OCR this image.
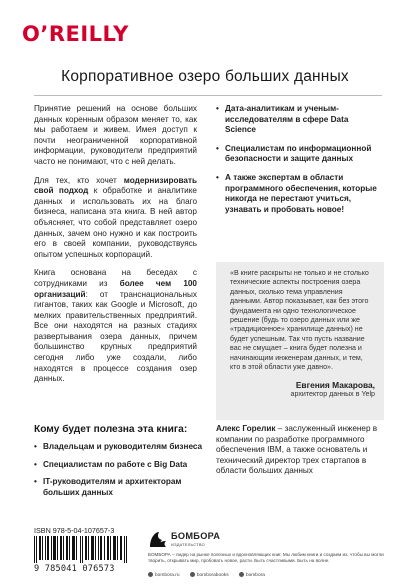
O’REILLY
Корпоративное озеро больших данных

Принятие решений на основе больших данных коренным образом меняет то, как мы работаем и живем. Имея доступ к почти неограниченной корпоративной информации, руководители предприятий часто не понимают, что с ней делать.

Для тех, кто хочет модернизировать свой подход к обработке и аналитике данных и использовать их на благо бизнеса, написана эта книга. В ней автор объясняет, что собой представляет озеро данных, зачем оно нужно и как построить его в своей компании, руководствуясь опытом успешных корпораций.

Книга основана на беседах с сотрудниками из более чем 100 организаций: от транснациональных гигантов, таких как Google и Microsoft, до мелких правительственных предприятий. Все они находятся на разных стадиях развертывания озера данных, причем большинство крупных предприятий сегодня либо уже создали, либо находятся в процессе создания озер данных.

• Дата-аналитикам и ученым-исследователям в сфере Data Science
• Специалистам по информационной безопасности и защите данных
• А также экспертам в области программного обеспечения, которые никогда не перестают учиться, узнавать и пробовать новое!
«В книге раскрыты не только и не столько технические аспекты построения озера данных, сколько тема управления данными. Автор показывает, как без этого фундамента ни одно технологическое решение (будь то озеро данных или же «традиционное» хранилище данных) не будет успешным. Так что пусть название вас не смущает – книга будет полезна и начинающим инженерам данных, и тем, кто в этой области уже давно».
Евгения Макарова,
архитектор данных в Yelp
Кому будет полезна эта книга:
• Владельцам и руководителям бизнеса
• Специалистам по работе с Big Data
• IT-руководителям и архитекторам больших данных
Алекс Горелик – заслуженный инженер в компании по разработке программного обеспечения IBM, а также основатель и технический директор трех стартапов в области больших данных
ISBN 978-5-04-107657-3
9 785041 076573
БОМБОРА
ИЗДАТЕЛЬСТВО
БОМБОРА – лидер на рынке полезных и вдохновляющих книг. Мы любим книги и создаем их, чтобы вы могли творить, открывать мир, пробовать новое, расти. Быть счастливыми. Быть на волне.
bombora.ru	bomborabooks	bombora
